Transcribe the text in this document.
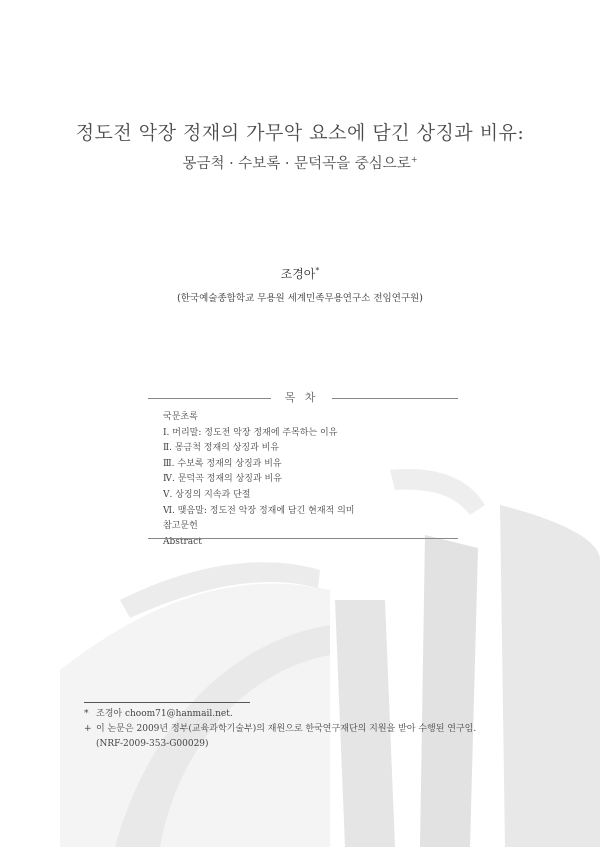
정도전 악장 정재의 가무악 요소에 담긴 상징과 비유:
몽금척 · 수보록 · 문덕곡을 중심으로+
조경아*
(한국예술종합학교 무용원 세계민족무용연구소 전임연구원)
목 차
국문초록
Ⅰ. 머리말: 정도전 악장 정재에 주목하는 이유
Ⅱ. 몽금척 정재의 상징과 비유
Ⅲ. 수보록 정재의 상징과 비유
Ⅳ. 문덕곡 정재의 상징과 비유
Ⅴ. 상징의 지속과 단절
Ⅵ. 맺음말: 정도전 악장 정재에 담긴 현재적 의미
참고문헌
Abstract
* 조경아 choom71@hanmail.net.
+ 이 논문은 2009년 정부(교육과학기술부)의 재원으로 한국연구재단의 지원을 받아 수행된 연구임.
(NRF-2009-353-G00029)
